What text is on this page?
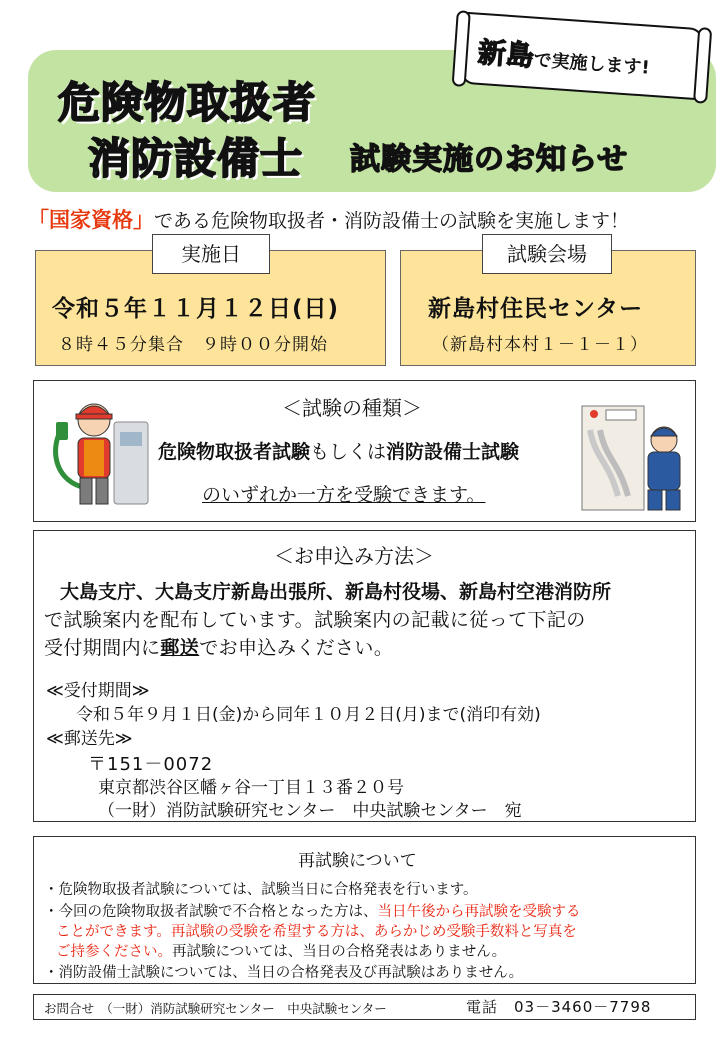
危険物取扱者
消防設備士 試験実施のお知らせ
新島で実施します!
「国家資格」である危険物取扱者・消防設備士の試験を実施します！
実施日	試験会場
令和５年１１月１２日(日)
８時４５分集合　９時００分開始
新島村住民センター
（新島村本村１－１－１）
＜試験の種類＞
危険物取扱者試験もしくは消防設備士試験
のいずれか一方を受験できます。
＜お申込み方法＞
大島支庁、大島支庁新島出張所、新島村役場、新島村空港消防所
で試験案内を配布しています。試験案内の記載に従って下記の
受付期間内に郵送でお申込みください。
≪受付期間≫
令和５年９月１日(金)から同年１０月２日(月)まで(消印有効)
≪郵送先≫
〒151－0072
東京都渋谷区幡ヶ谷一丁目１３番２０号
（一財）消防試験研究センター　中央試験センター　宛
再試験について
・危険物取扱者試験については、試験当日に合格発表を行います。
・今回の危険物取扱者試験で不合格となった方は、当日午後から再試験を受験する
ことができます。再試験の受験を希望する方は、あらかじめ受験手数料と写真を
ご持参ください。再試験については、当日の合格発表はありません。
・消防設備士試験については、当日の合格発表及び再試験はありません。
お問合せ　（一財）消防試験研究センター　中央試験センター	電話　03－3460－7798
